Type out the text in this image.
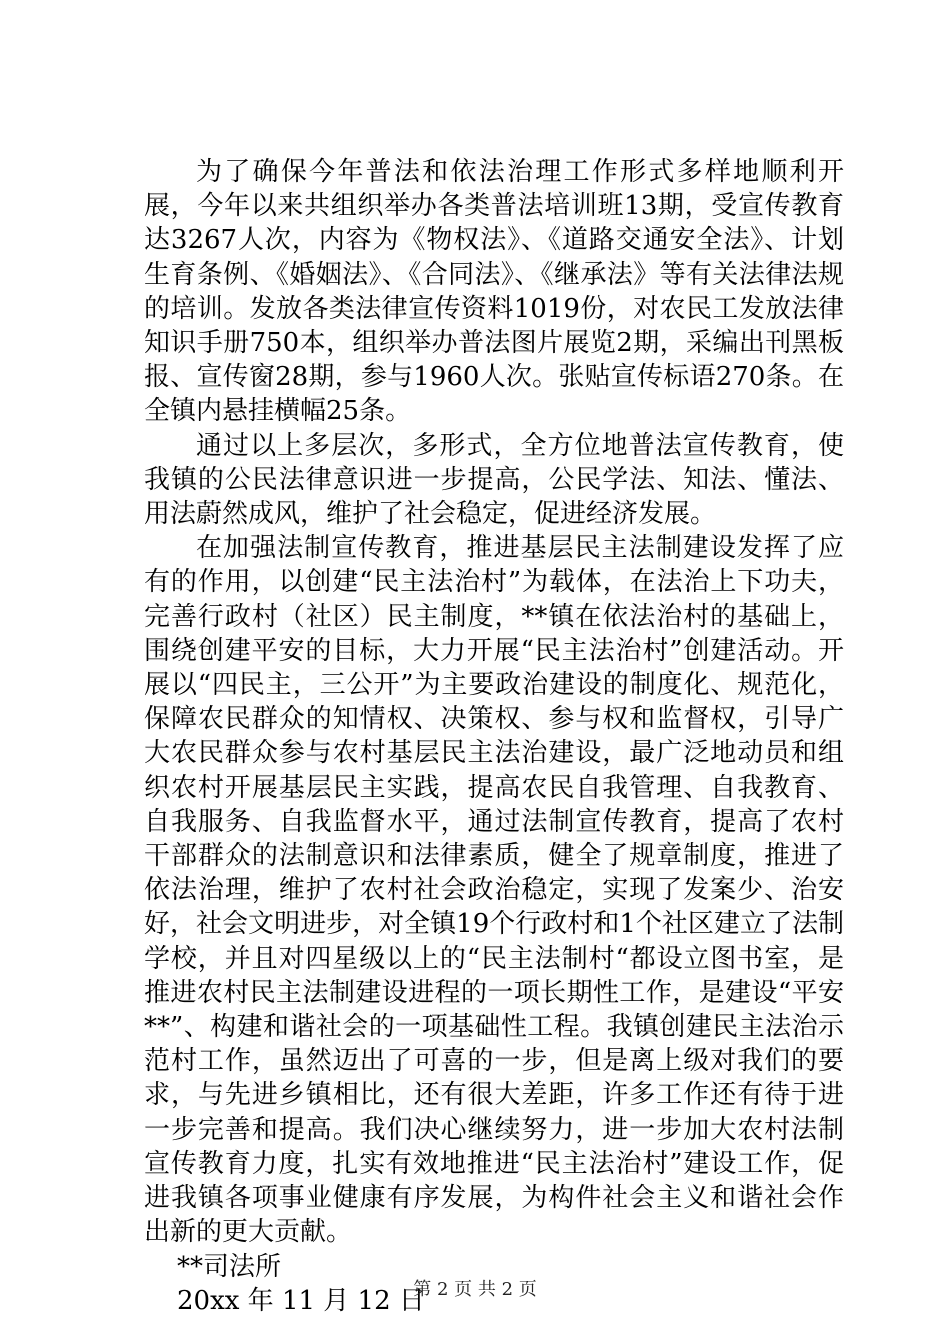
为了确保今年普法和依法治理工作形式多样地顺利开展，今年以来共组织举办各类普法培训班13期，受宣传教育达3267人次，内容为《物权法》、《道路交通安全法》、计划生育条例、《婚姻法》、《合同法》、《继承法》等有关法律法规的培训。发放各类法律宣传资料1019份，对农民工发放法律知识手册750本，组织举办普法图片展览2期，采编出刊黑板报、宣传窗28期，参与1960人次。张贴宣传标语270条。在全镇内悬挂横幅25条。

通过以上多层次，多形式，全方位地普法宣传教育，使我镇的公民法律意识进一步提高，公民学法、知法、懂法、用法蔚然成风，维护了社会稳定，促进经济发展。

在加强法制宣传教育，推进基层民主法制建设发挥了应有的作用，以创建“民主法治村”为载体，在法治上下功夫，完善行政村（社区）民主制度，**镇在依法治村的基础上，围绕创建平安的目标，大力开展“民主法治村”创建活动。开展以“四民主，三公开”为主要政治建设的制度化、规范化，保障农民群众的知情权、决策权、参与权和监督权，引导广大农民群众参与农村基层民主法治建设，最广泛地动员和组织农村开展基层民主实践，提高农民自我管理、自我教育、自我服务、自我监督水平，通过法制宣传教育，提高了农村干部群众的法制意识和法律素质，健全了规章制度，推进了依法治理，维护了农村社会政治稳定，实现了发案少、治安好，社会文明进步，对全镇19个行政村和1个社区建立了法制学校，并且对四星级以上的“民主法制村“都设立图书室，是推进农村民主法制建设进程的一项长期性工作，是建设“平安**”、构建和谐社会的一项基础性工程。我镇创建民主法治示范村工作，虽然迈出了可喜的一步，但是离上级对我们的要求，与先进乡镇相比，还有很大差距，许多工作还有待于进一步完善和提高。我们决心继续努力，进一步加大农村法制宣传教育力度，扎实有效地推进“民主法治村”建设工作，促进我镇各项事业健康有序发展，为构件社会主义和谐社会作出新的更大贡献。

**司法所

20xx 年 11 月 12 日

第 2 页 共 2 页
